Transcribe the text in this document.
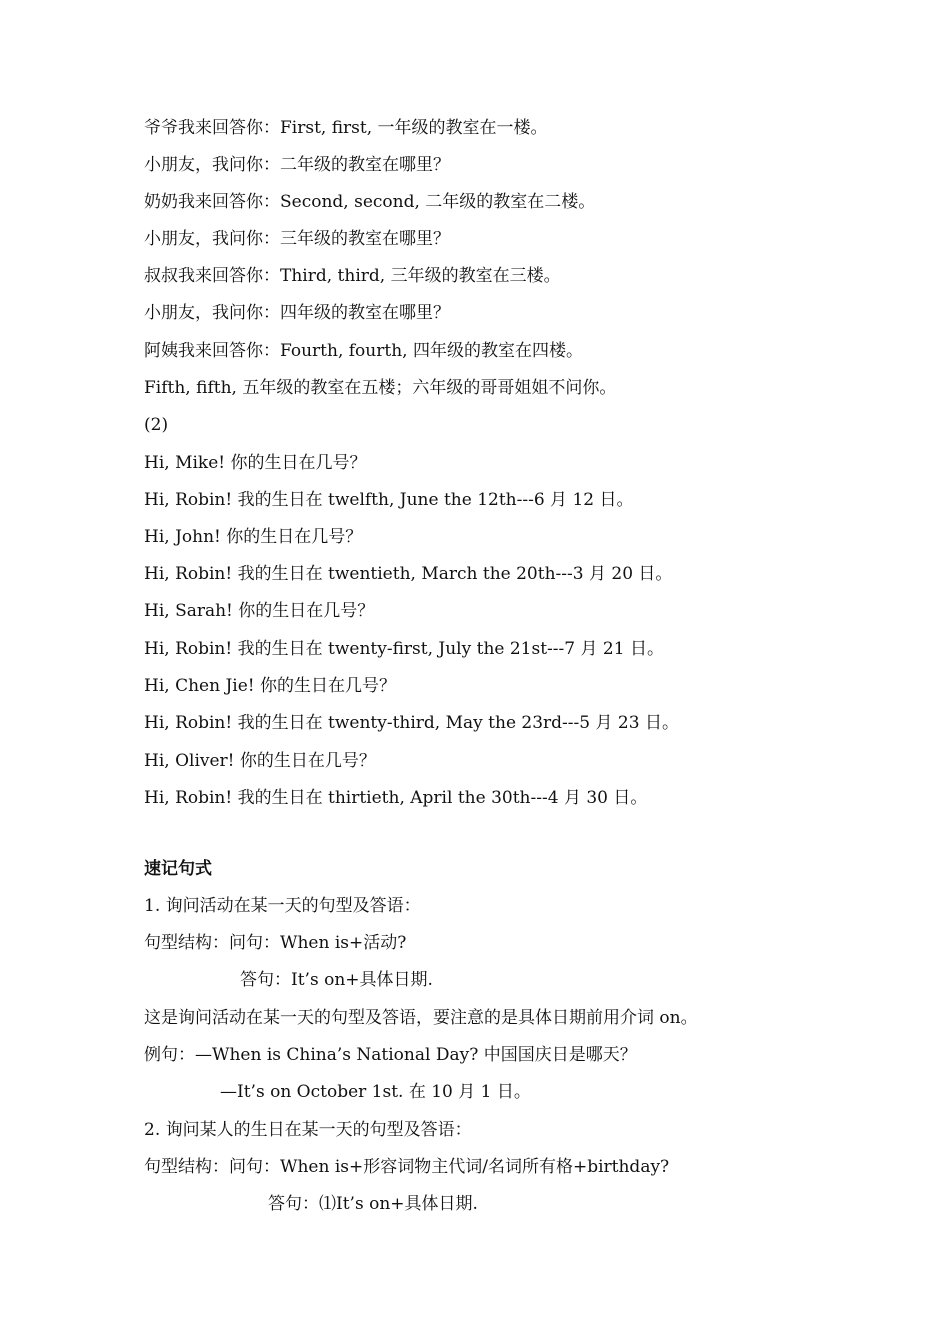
爷爷我来回答你：First, first, 一年级的教室在一楼。
小朋友，我问你：二年级的教室在哪里？
奶奶我来回答你：Second, second, 二年级的教室在二楼。
小朋友，我问你：三年级的教室在哪里？
叔叔我来回答你：Third, third, 三年级的教室在三楼。
小朋友，我问你：四年级的教室在哪里？
阿姨我来回答你：Fourth, fourth, 四年级的教室在四楼。
Fifth, fifth, 五年级的教室在五楼；六年级的哥哥姐姐不问你。
(2)
Hi, Mike! 你的生日在几号？
Hi, Robin! 我的生日在 twelfth, June the 12th---6 月 12 日。
Hi, John! 你的生日在几号？
Hi, Robin! 我的生日在 twentieth, March the 20th---3 月 20 日。
Hi, Sarah! 你的生日在几号？
Hi, Robin! 我的生日在 twenty-first, July the 21st---7 月 21 日。
Hi, Chen Jie! 你的生日在几号？
Hi, Robin! 我的生日在 twenty-third, May the 23rd---5 月 23 日。
Hi, Oliver! 你的生日在几号？
Hi, Robin! 我的生日在 thirtieth, April the 30th---4 月 30 日。
速记句式
1. 询问活动在某一天的句型及答语：
句型结构：问句：When is+活动?
答句：It’s on+具体日期.
这是询问活动在某一天的句型及答语，要注意的是具体日期前用介词 on。
例句：—When is China’s National Day? 中国国庆日是哪天？
—It’s on October 1st. 在 10 月 1 日。
2. 询问某人的生日在某一天的句型及答语：
句型结构：问句：When is+形容词物主代词/名词所有格+birthday?
答句：⑴It’s on+具体日期.
